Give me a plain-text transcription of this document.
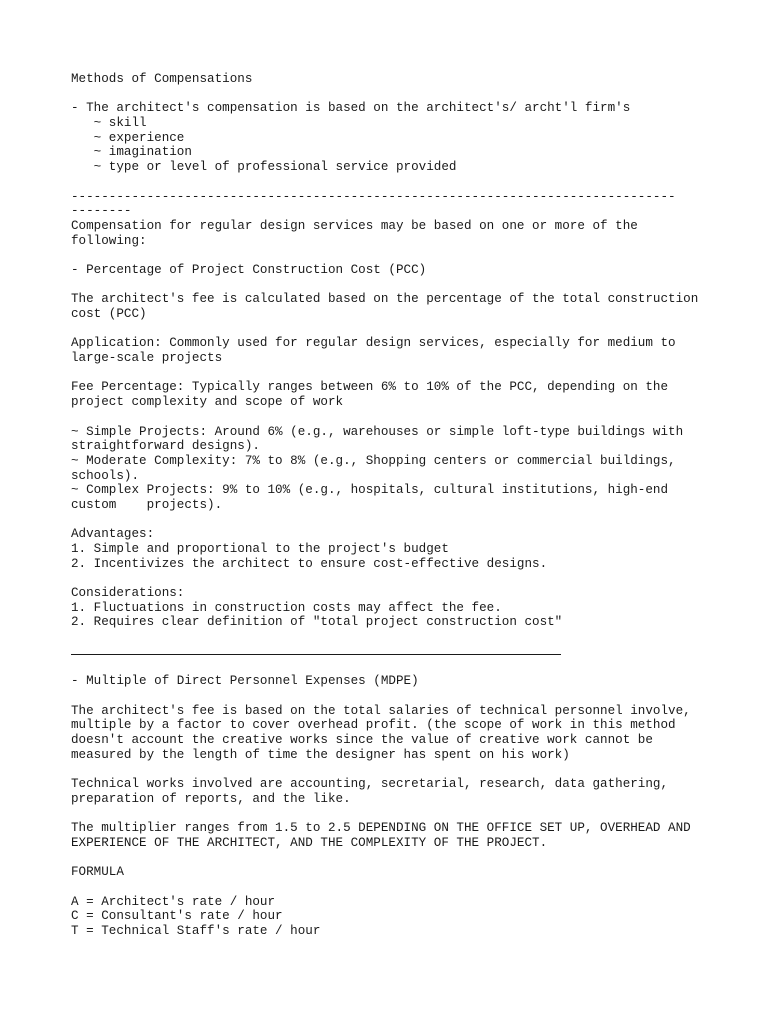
Methods of Compensations
- The architect's compensation is based on the architect's/ archt'l firm's
~ skill
~ experience
~ imagination
~ type or level of professional service provided
--------------------------------------------------------------------------------
--------
Compensation for regular design services may be based on one or more of the
following:
- Percentage of Project Construction Cost (PCC)
The architect's fee is calculated based on the percentage of the total construction
cost (PCC)
Application: Commonly used for regular design services, especially for medium to
large-scale projects
Fee Percentage: Typically ranges between 6% to 10% of the PCC, depending on the
project complexity and scope of work
~ Simple Projects: Around 6% (e.g., warehouses or simple loft-type buildings with
straightforward designs).
~ Moderate Complexity: 7% to 8% (e.g., Shopping centers or commercial buildings,
schools).
~ Complex Projects: 9% to 10% (e.g., hospitals, cultural institutions, high-end
custom    projects).
Advantages:
1. Simple and proportional to the project's budget
2. Incentivizes the architect to ensure cost-effective designs.
Considerations:
1. Fluctuations in construction costs may affect the fee.
2. Requires clear definition of "total project construction cost"
- Multiple of Direct Personnel Expenses (MDPE)
The architect's fee is based on the total salaries of technical personnel involve,
multiple by a factor to cover overhead profit. (the scope of work in this method
doesn't account the creative works since the value of creative work cannot be
measured by the length of time the designer has spent on his work)
Technical works involved are accounting, secretarial, research, data gathering,
preparation of reports, and the like.
The multiplier ranges from 1.5 to 2.5 DEPENDING ON THE OFFICE SET UP, OVERHEAD AND
EXPERIENCE OF THE ARCHITECT, AND THE COMPLEXITY OF THE PROJECT.
FORMULA
A = Architect's rate / hour
C = Consultant's rate / hour
T = Technical Staff's rate / hour
